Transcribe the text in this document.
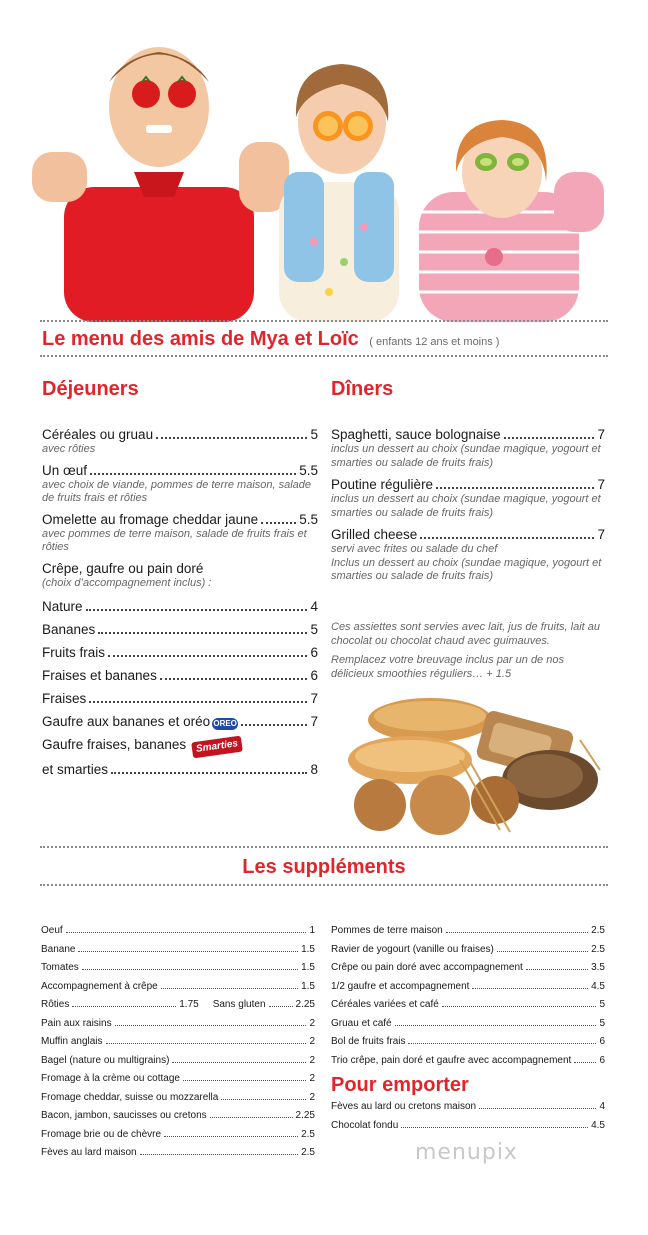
Le menu des amis de Mya et Loïc ( enfants 12 ans et moins )
Déjeuners
Céréales ou gruau	5
avec rôties
Un œuf	5.5
avec choix de viande, pommes de terre maison, salade de fruits frais et rôties
Omelette au fromage cheddar jaune	5.5
avec pommes de terre maison, salade de fruits frais et rôties
Crêpe, gaufre ou pain doré
(choix d’accompagnement inclus) :
Nature	4
Bananes	5
Fruits frais	6
Fraises et bananes	6
Fraises	7
Gaufre aux bananes et oréo OREO	7
Gaufre fraises, bananes Smarties
et smarties	8
Dîners
Spaghetti, sauce bolognaise	7
inclus un dessert au choix (sundae magique, yogourt et smarties ou salade de fruits frais)
Poutine régulière	7
inclus un dessert au choix (sundae magique, yogourt et smarties ou salade de fruits frais)
Grilled cheese	7
servi avec frites ou salade du chef
Inclus un dessert au choix (sundae magique, yogourt et smarties ou salade de fruits frais)
Ces assiettes sont servies avec lait, jus de fruits, lait au chocolat ou chocolat chaud avec guimauves.
Remplacez votre breuvage inclus par un de nos délicieux smoothies réguliers… + 1.5
Les suppléments
Oeuf	1
Banane	1.5
Tomates	1.5
Accompagnement à crêpe	1.5
Rôties	1.75 Sans gluten	2.25
Pain aux raisins	2
Muffin anglais	2
Bagel (nature ou multigrains)	2
Fromage à la crème ou cottage	2
Fromage cheddar, suisse ou mozzarella	2
Bacon, jambon, saucisses ou cretons	2.25
Fromage brie ou de chèvre	2.5
Fèves au lard maison	2.5
Pommes de terre maison	2.5
Ravier de yogourt (vanille ou fraises)	2.5
Crêpe ou pain doré avec accompagnement	3.5
1/2 gaufre et accompagnement	4.5
Céréales variées et café	5
Gruau et café	5
Bol de fruits frais	6
Trio crêpe, pain doré et gaufre avec accompagnement	6
Pour emporter
Fèves au lard ou cretons maison	4
Chocolat fondu	4.5
menupix
